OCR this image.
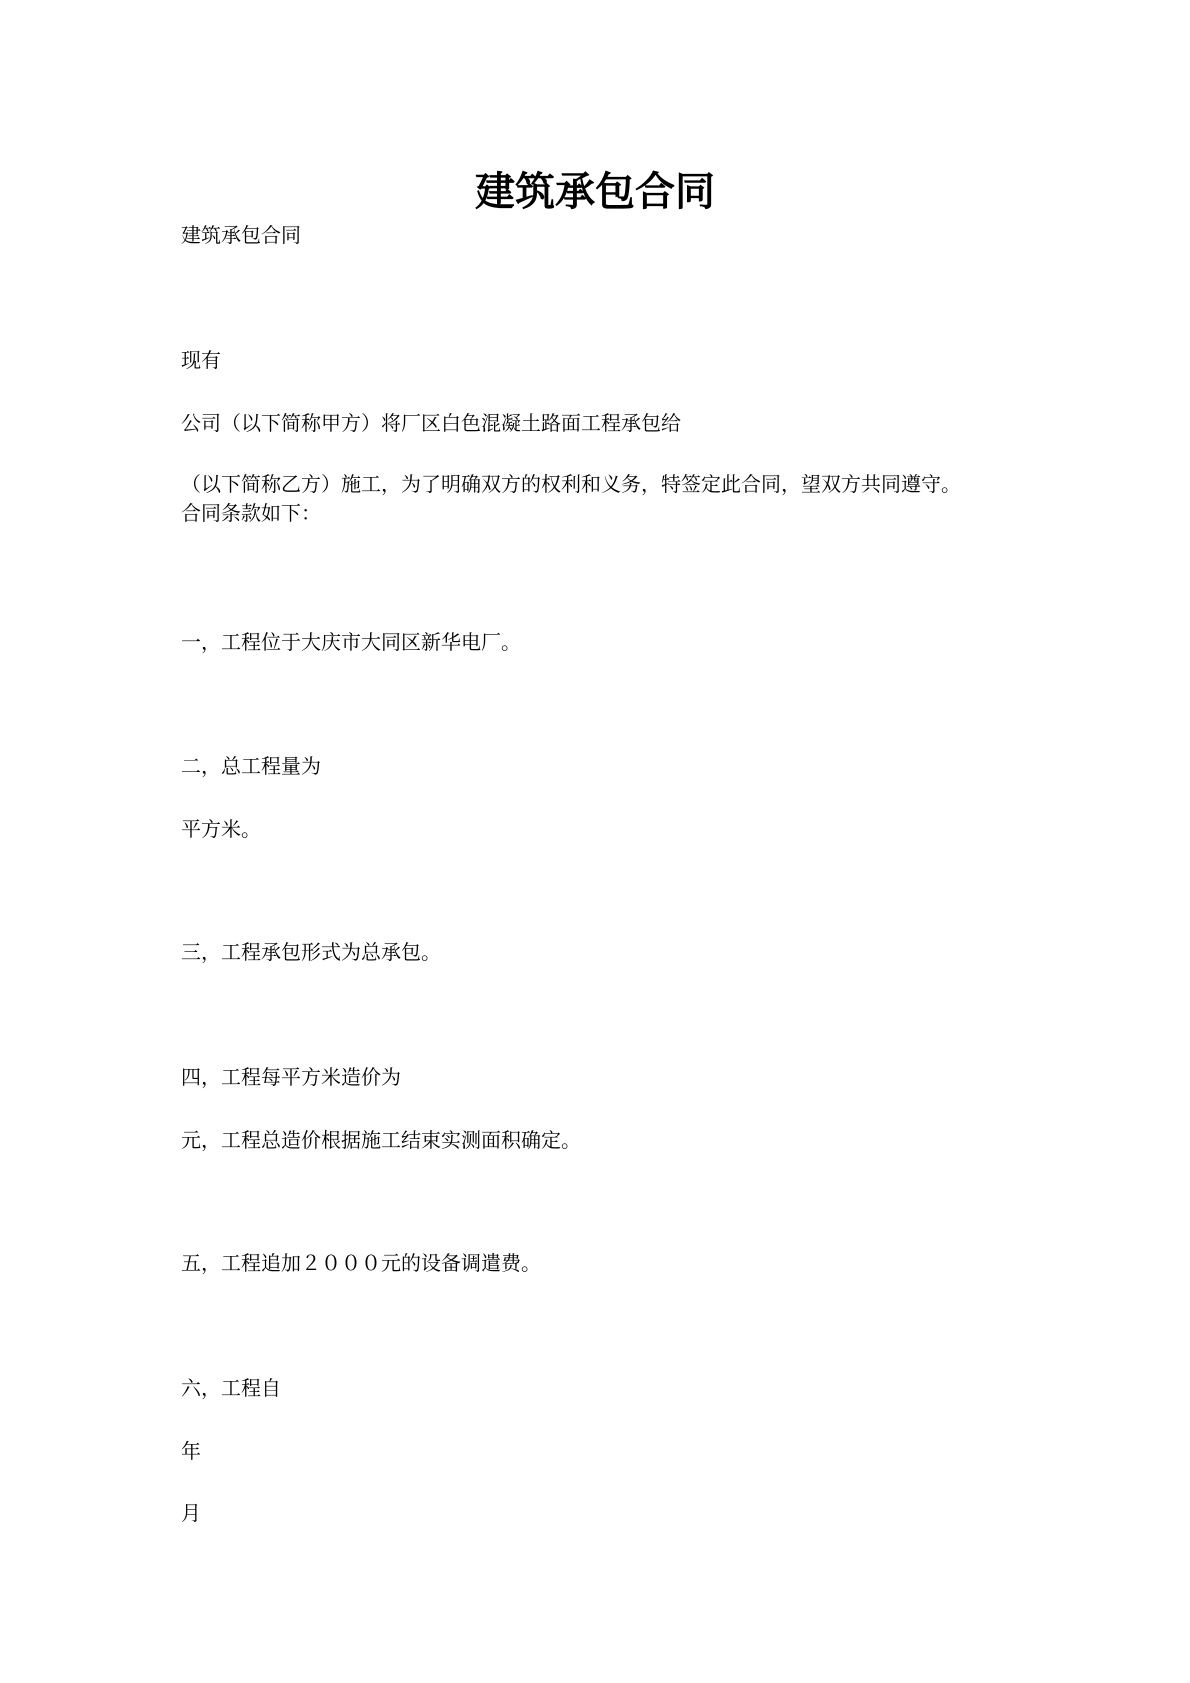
建筑承包合同

建筑承包合同

现有

公司（以下简称甲方）将厂区白色混凝土路面工程承包给

（以下简称乙方）施工，为了明确双方的权利和义务，特签定此合同，望双方共同遵守。

合同条款如下：

一，工程位于大庆市大同区新华电厂。

二，总工程量为

平方米。

三，工程承包形式为总承包。

四，工程每平方米造价为

元，工程总造价根据施工结束实测面积确定。

五，工程追加２０００元的设备调遣费。

六，工程自

年

月
